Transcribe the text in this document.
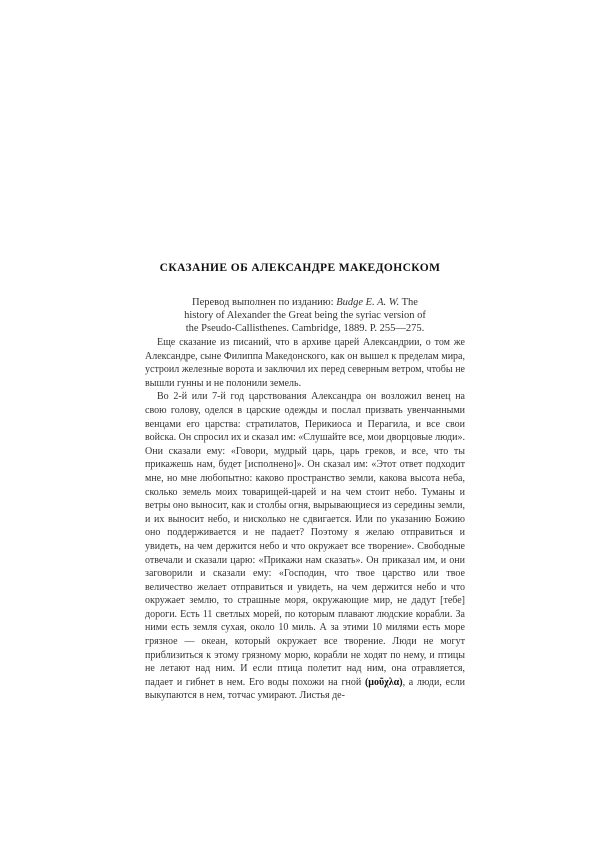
СКАЗАНИЕ ОБ АЛЕКСАНДРЕ МАКЕДОНСКОМ
Перевод выполнен по изданию: Budge E. A. W. The history of Alexander the Great being the syriac version of the Pseudo-Callisthenes. Cambridge, 1889. P. 255—275.

Еще сказание из писаний, что в архиве царей Александрии, о том же Александре, сыне Филиппа Македонского, как он вышел к пределам мира, устроил железные ворота и заключил их перед северным ветром, чтобы не вышли гунны и не полонили земель.

Во 2-й или 7-й год царствования Александра он возложил венец на свою голову, оделся в царские одежды и послал призвать увенчанными венцами его царства: стратилатов, Перикиоса и Перагила, и все свои войска. Он спросил их и сказал им: «Слушайте все, мои дворцовые люди». Они сказали ему: «Говори, мудрый царь, царь греков, и все, что ты прикажешь нам, будет [исполнено]». Он сказал им: «Этот ответ подходит мне, но мне любопытно: каково пространство земли, какова высота неба, сколько земель моих товарищей-царей и на чем стоит небо. Туманы и ветры оно выносит, как и столбы огня, вырывающиеся из середины земли, и их выносит небо, и нисколько не сдвигается. Или по указанию Божию оно поддерживается и не падает? Поэтому я желаю отправиться и увидеть, на чем держится небо и что окружает все творение». Свободные отвечали и сказали царю: «Прикажи нам сказать». Он приказал им, и они заговорили и сказали ему: «Господин, что твое царство или твое величество желает отправиться и увидеть, на чем держится небо и что окружает землю, то страшные моря, окружающие мир, не дадут [тебе] дороги. Есть 11 светлых морей, по которым плавают людские корабли. За ними есть земля сухая, около 10 миль. А за этими 10 милями есть море грязное — океан, который окружает все творение. Люди не могут приблизиться к этому грязному морю, корабли не ходят по нему, и птицы не летают над ним. И если птица полетит над ним, она отравляется, падает и гибнет в нем. Его воды похожи на гной (μοῦχλα), а люди, если выкупаются в нем, тотчас умирают. Листья де-
